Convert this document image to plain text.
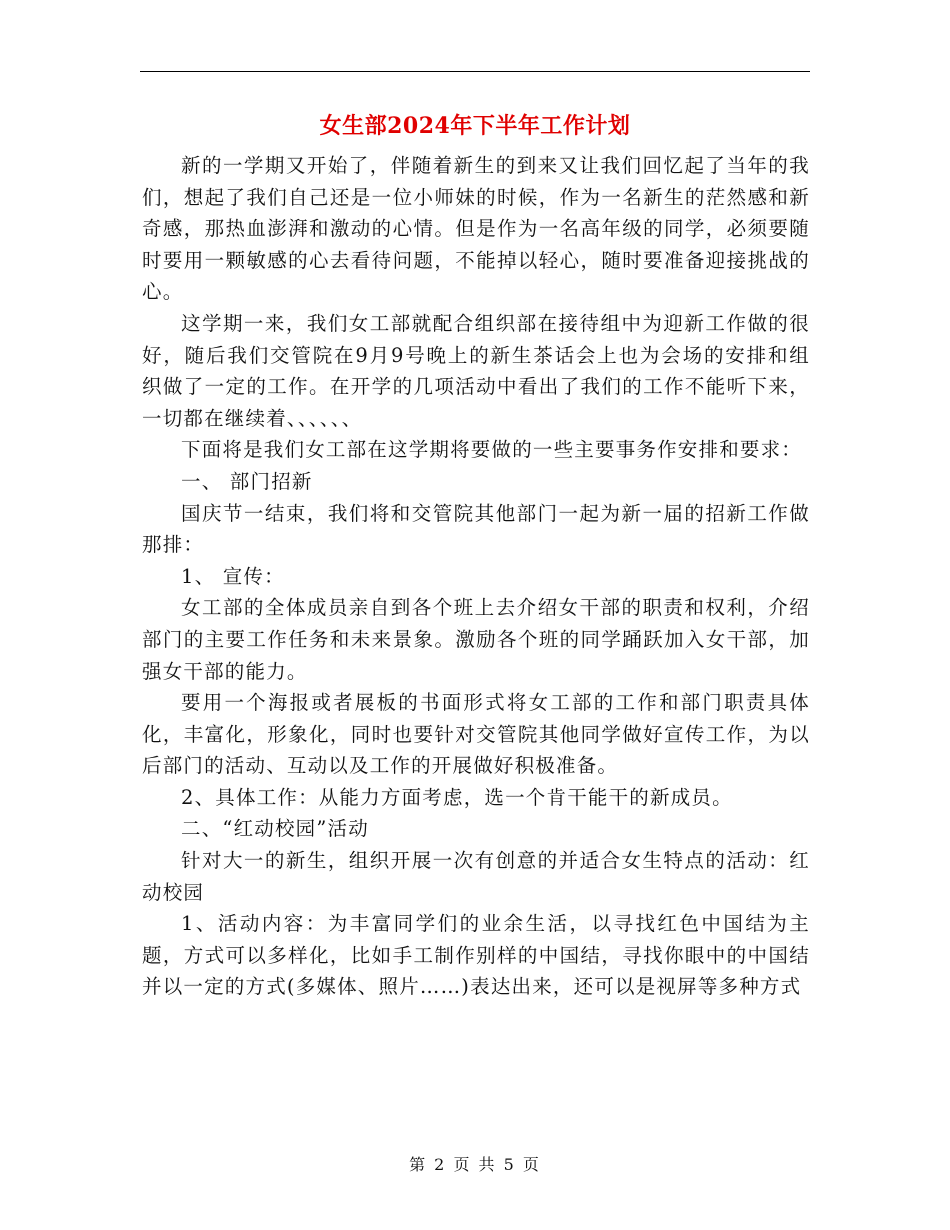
女生部2024年下半年工作计划

新的一学期又开始了，伴随着新生的到来又让我们回忆起了当年的我们，想起了我们自己还是一位小师妹的时候，作为一名新生的茫然感和新奇感，那热血澎湃和激动的心情。但是作为一名高年级的同学，必须要随时要用一颗敏感的心去看待问题，不能掉以轻心，随时要准备迎接挑战的心。

这学期一来，我们女工部就配合组织部在接待组中为迎新工作做的很好，随后我们交管院在9月9号晚上的新生茶话会上也为会场的安排和组织做了一定的工作。在开学的几项活动中看出了我们的工作不能听下来，一切都在继续着、、、、、、

下面将是我们女工部在这学期将要做的一些主要事务作安排和要求：

一、 部门招新

国庆节一结束，我们将和交管院其他部门一起为新一届的招新工作做那排：

1、 宣传：

女工部的全体成员亲自到各个班上去介绍女干部的职责和权利，介绍部门的主要工作任务和未来景象。激励各个班的同学踊跃加入女干部，加强女干部的能力。

要用一个海报或者展板的书面形式将女工部的工作和部门职责具体化，丰富化，形象化，同时也要针对交管院其他同学做好宣传工作，为以后部门的活动、互动以及工作的开展做好积极准备。

2、具体工作：从能力方面考虑，选一个肯干能干的新成员。

二、“红动校园”活动

针对大一的新生，组织开展一次有创意的并适合女生特点的活动：红动校园

1、活动内容：为丰富同学们的业余生活，以寻找红色中国结为主题，方式可以多样化，比如手工制作别样的中国结，寻找你眼中的中国结并以一定的方式(多媒体、照片……)表达出来，还可以是视屏等多种方式

第 2 页 共 5 页
